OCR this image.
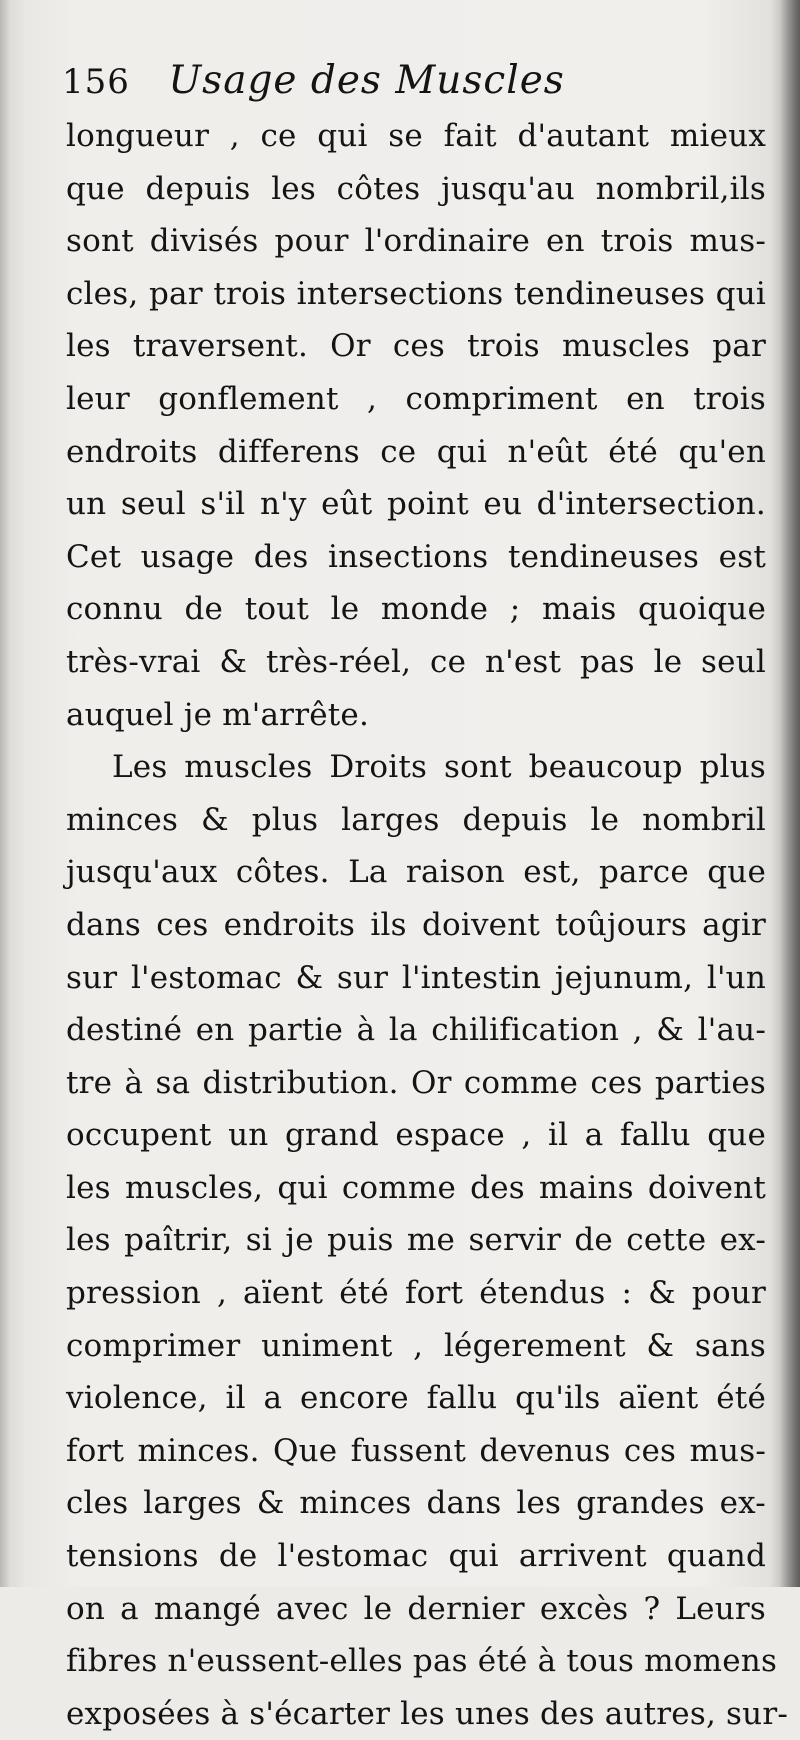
156 Usage des Muscles
longueur , ce qui se fait d'autant mieux
que depuis les côtes jusqu'au nombril,ils
sont divisés pour l'ordinaire en trois mus-
cles, par trois intersections tendineuses qui
les traversent. Or ces trois muscles par
leur gonflement , compriment en trois
endroits differens ce qui n'eût été qu'en
un seul s'il n'y eût point eu d'intersection.
Cet usage des insections tendineuses est
connu de tout le monde ; mais quoique
très-vrai & très-réel, ce n'est pas le seul
auquel je m'arrête.
Les muscles Droits sont beaucoup plus
minces & plus larges depuis le nombril
jusqu'aux côtes. La raison est, parce que
dans ces endroits ils doivent toûjours agir
sur l'estomac & sur l'intestin jejunum, l'un
destiné en partie à la chilification , & l'au-
tre à sa distribution. Or comme ces parties
occupent un grand espace , il a fallu que
les muscles, qui comme des mains doivent
les paîtrir, si je puis me servir de cette ex-
pression , aïent été fort étendus : & pour
comprimer uniment , légerement & sans
violence, il a encore fallu qu'ils aïent été
fort minces. Que fussent devenus ces mus-
cles larges & minces dans les grandes ex-
tensions de l'estomac qui arrivent quand
on a mangé avec le dernier excès ? Leurs
fibres n'eussent-elles pas été à tous momens
exposées à s'écarter les unes des autres, sur-
